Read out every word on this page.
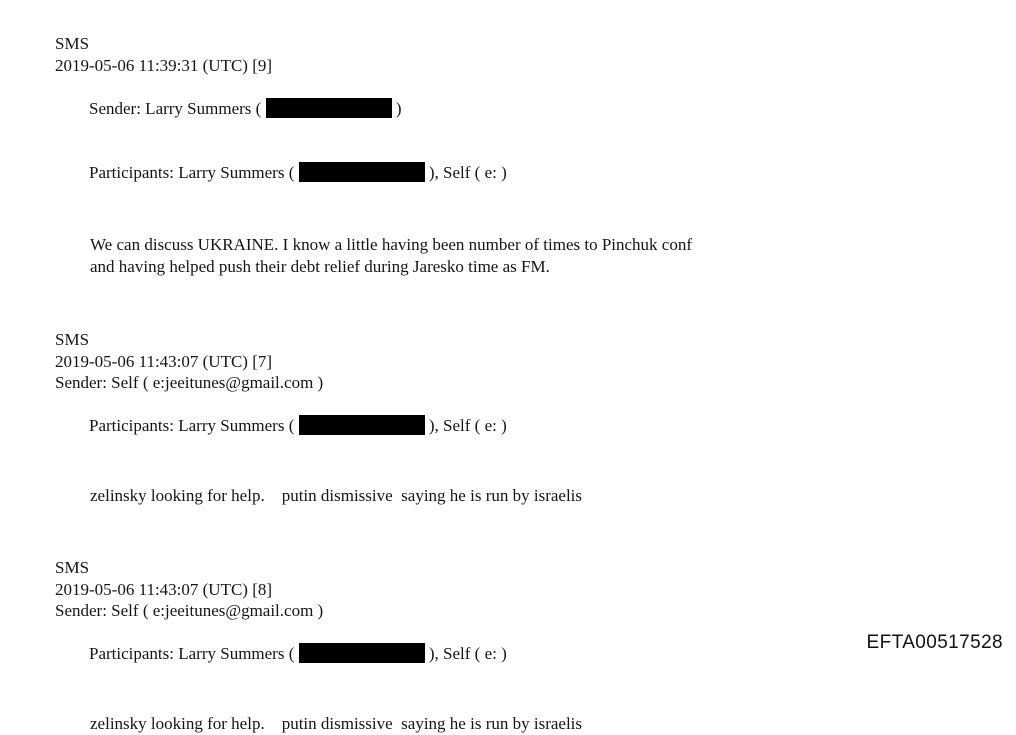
SMS
2019-05-06 11:39:31 (UTC) [9]

Sender: Larry Summers (	)

Participants: Larry Summers (	), Self ( e: )

We can discuss UKRAINE. I know a little having been number of times to Pinchuk conf
and having helped push their debt relief during Jaresko time as FM.
SMS
2019-05-06 11:43:07 (UTC) [7]
Sender: Self ( e:jeeitunes@gmail.com )

Participants: Larry Summers (	), Self ( e: )

zelinsky looking for help.    putin dismissive  saying he is run by israelis
SMS
2019-05-06 11:43:07 (UTC) [8]
Sender: Self ( e:jeeitunes@gmail.com )

Participants: Larry Summers (	), Self ( e: )

zelinsky looking for help.    putin dismissive  saying he is run by israelis
EFTA00517528
